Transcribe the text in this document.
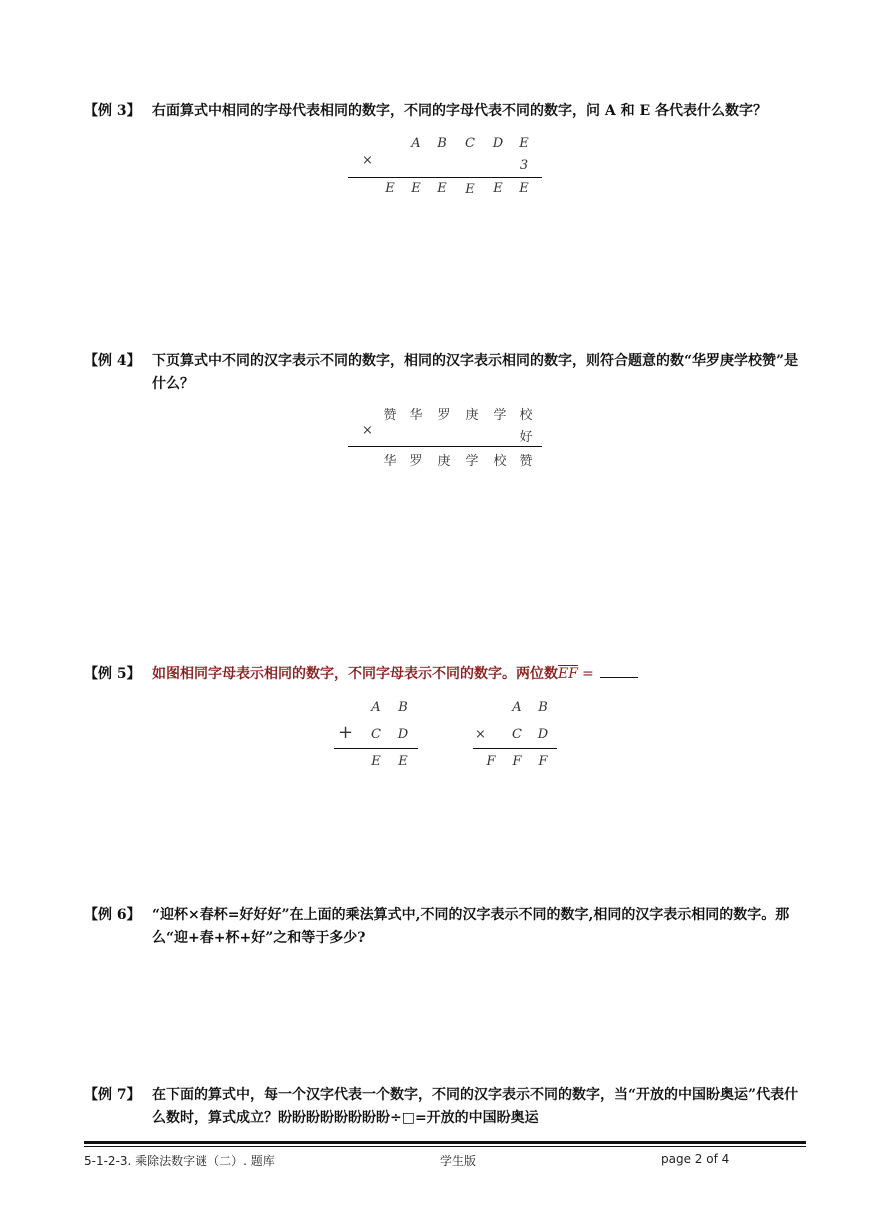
【例 3】 右面算式中相同的字母代表相同的数字，不同的字母代表不同的数字，问 A 和 E 各代表什么数字？
A	B	C	D	E
×	3
E	E	E	E	E	E
【例 4】 下页算式中不同的汉字表示不同的数字，相同的汉字表示相同的数字，则符合题意的数“华罗庚学校赞”是什么？
赞 华 罗 庚 学 校
×	好
华 罗 庚 学 校 赞
【例 5】 如图相同字母表示相同的数字，不同字母表示不同的数字。两位数$\overline{EF}$ =
A	B
+	C	D
E	E
A	B
×	C	D
F	F	F
【例 6】 “迎杯×春杯=好好好”在上面的乘法算式中,不同的汉字表示不同的数字,相同的汉字表示相同的数字。那么“迎+春+杯+好”之和等于多少?
【例 7】 在下面的算式中，每一个汉字代表一个数字，不同的汉字表示不同的数字，当“开放的中国盼奥运”代表什么数时，算式成立？盼盼盼盼盼盼盼盼÷□=开放的中国盼奥运
5-1-2-3. 乘除法数字谜（二）. 题库	学生版	page 2 of 4
